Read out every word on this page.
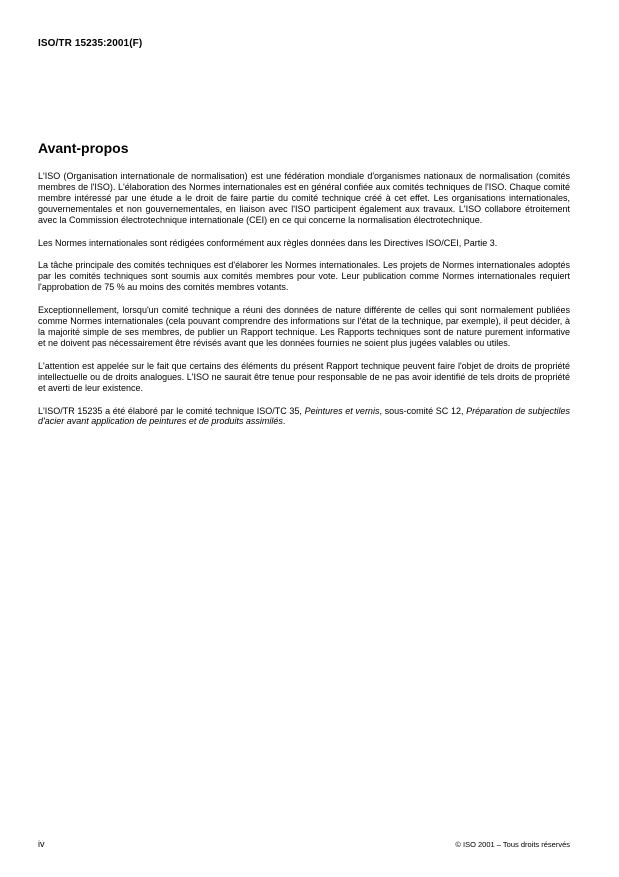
ISO/TR 15235:2001(F)
Avant-propos

L'ISO (Organisation internationale de normalisation) est une fédération mondiale d'organismes nationaux de normalisation (comités membres de l'ISO). L'élaboration des Normes internationales est en général confiée aux comités techniques de l'ISO. Chaque comité membre intéressé par une étude a le droit de faire partie du comité technique créé à cet effet. Les organisations internationales, gouvernementales et non gouvernementales, en liaison avec l'ISO participent également aux travaux. L'ISO collabore étroitement avec la Commission électrotechnique internationale (CEI) en ce qui concerne la normalisation électrotechnique.

Les Normes internationales sont rédigées conformément aux règles données dans les Directives ISO/CEI, Partie 3.

La tâche principale des comités techniques est d'élaborer les Normes internationales. Les projets de Normes internationales adoptés par les comités techniques sont soumis aux comités membres pour vote. Leur publication comme Normes internationales requiert l'approbation de 75 % au moins des comités membres votants.

Exceptionnellement, lorsqu'un comité technique a réuni des données de nature différente de celles qui sont normalement publiées comme Normes internationales (cela pouvant comprendre des informations sur l'état de la technique, par exemple), il peut décider, à la majorité simple de ses membres, de publier un Rapport technique. Les Rapports techniques sont de nature purement informative et ne doivent pas nécessairement être révisés avant que les données fournies ne soient plus jugées valables ou utiles.

L'attention est appelée sur le fait que certains des éléments du présent Rapport technique peuvent faire l'objet de droits de propriété intellectuelle ou de droits analogues. L'ISO ne saurait être tenue pour responsable de ne pas avoir identifié de tels droits de propriété et averti de leur existence.

L'ISO/TR 15235 a été élaboré par le comité technique ISO/TC 35, Peintures et vernis, sous-comité SC 12, Préparation de subjectiles d'acier avant application de peintures et de produits assimilés.

iv	© ISO 2001 – Tous droits réservés
